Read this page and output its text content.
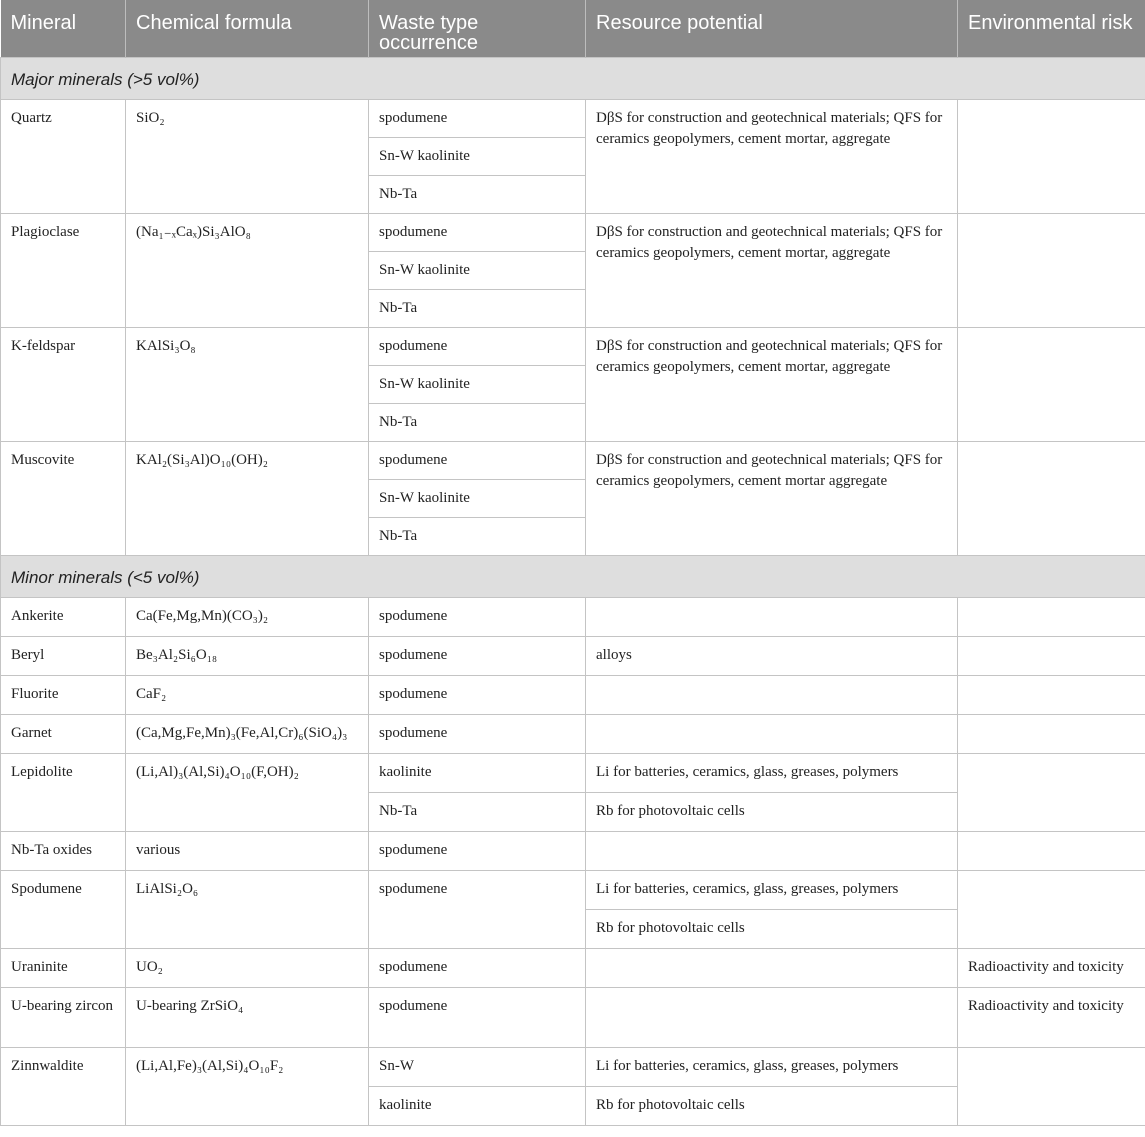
Mineral	Chemical formula	Waste type occurrence	Resource potential	Environmental risk
Major minerals (>5 vol%)				
Quartz	SiO₂	spodumene	DβS for construction and geotechnical materials; QFS for ceramics geopolymers, cement mortar, aggregate	
		Sn-W kaolinite		
		Nb-Ta		
Plagioclase	(Na₁₋ₓCaₓ)Si₃AlO₈	spodumene	DβS for construction and geotechnical materials; QFS for ceramics geopolymers, cement mortar, aggregate	
		Sn-W kaolinite		
		Nb-Ta		
K-feldspar	KAlSi₃O₈	spodumene	DβS for construction and geotechnical materials; QFS for ceramics geopolymers, cement mortar, aggregate	
		Sn-W kaolinite		
		Nb-Ta		
Muscovite	KAl₂(Si₃Al)O₁₀(OH)₂	spodumene	DβS for construction and geotechnical materials; QFS for ceramics geopolymers, cement mortar aggregate	
		Sn-W kaolinite		
		Nb-Ta		
Minor minerals (<5 vol%)				
Ankerite	Ca(Fe,Mg,Mn)(CO₃)₂	spodumene		
Beryl	Be₃Al₂Si₆O₁₈	spodumene	alloys	
Fluorite	CaF₂	spodumene		
Garnet	(Ca,Mg,Fe,Mn)₃(Fe,Al,Cr)₆(SiO₄)₃	spodumene		
Lepidolite	(Li,Al)₃(Al,Si)₄O₁₀(F,OH)₂	kaolinite	Li for batteries, ceramics, glass, greases, polymers	
		Nb-Ta	Rb for photovoltaic cells	
Nb-Ta oxides	various	spodumene		
Spodumene	LiAlSi₂O₆	spodumene	Li for batteries, ceramics, glass, greases, polymers	
			Rb for photovoltaic cells	
Uraninite	UO₂	spodumene		Radioactivity and toxicity
U-bearing zircon	U-bearing ZrSiO₄	spodumene		Radioactivity and toxicity
Zinnwaldite	(Li,Al,Fe)₃(Al,Si)₄O₁₀F₂	Sn-W	Li for batteries, ceramics, glass, greases, polymers	
		kaolinite	Rb for photovoltaic cells	
